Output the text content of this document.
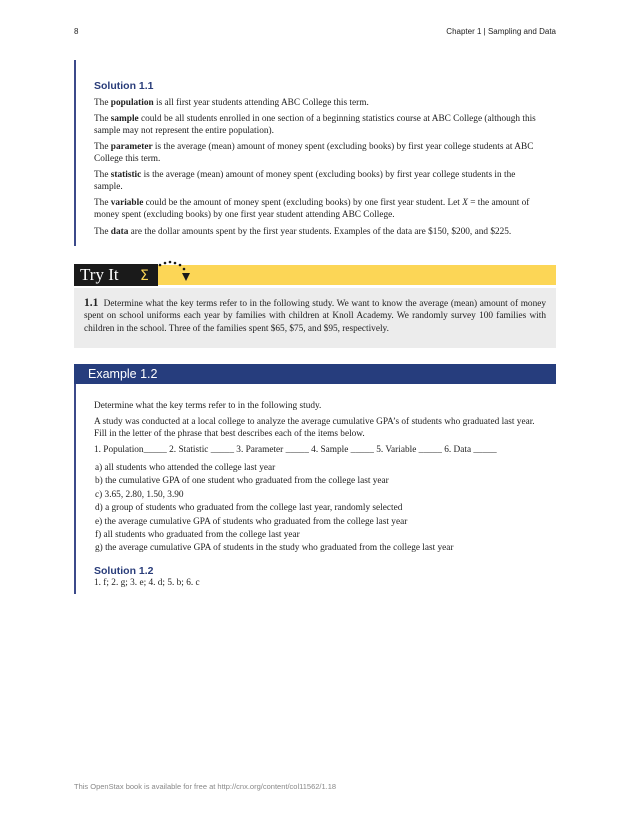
8	Chapter 1 | Sampling and Data
Solution 1.1

The population is all first year students attending ABC College this term.

The sample could be all students enrolled in one section of a beginning statistics course at ABC College (although this sample may not represent the entire population).

The parameter is the average (mean) amount of money spent (excluding books) by first year college students at ABC College this term.

The statistic is the average (mean) amount of money spent (excluding books) by first year college students in the sample.

The variable could be the amount of money spent (excluding books) by one first year student. Let X = the amount of money spent (excluding books) by one first year student attending ABC College.

The data are the dollar amounts spent by the first year students. Examples of the data are $150, $200, and $225.

Try It	Σ

1.1 Determine what the key terms refer to in the following study. We want to know the average (mean) amount of money spent on school uniforms each year by families with children at Knoll Academy. We randomly survey 100 families with children in the school. Three of the families spent $65, $75, and $95, respectively.

Example 1.2

Determine what the key terms refer to in the following study.

A study was conducted at a local college to analyze the average cumulative GPA’s of students who graduated last year. Fill in the letter of the phrase that best describes each of the items below.

1. Population_____ 2. Statistic _____ 3. Parameter _____ 4. Sample _____ 5. Variable _____ 6. Data _____

a) all students who attended the college last year
b) the cumulative GPA of one student who graduated from the college last year
c) 3.65, 2.80, 1.50, 3.90
d) a group of students who graduated from the college last year, randomly selected
e) the average cumulative GPA of students who graduated from the college last year
f) all students who graduated from the college last year
g) the average cumulative GPA of students in the study who graduated from the college last year
Solution 1.2

1. f; 2. g; 3. e; 4. d; 5. b; 6. c

This OpenStax book is available for free at http://cnx.org/content/col11562/1.18
